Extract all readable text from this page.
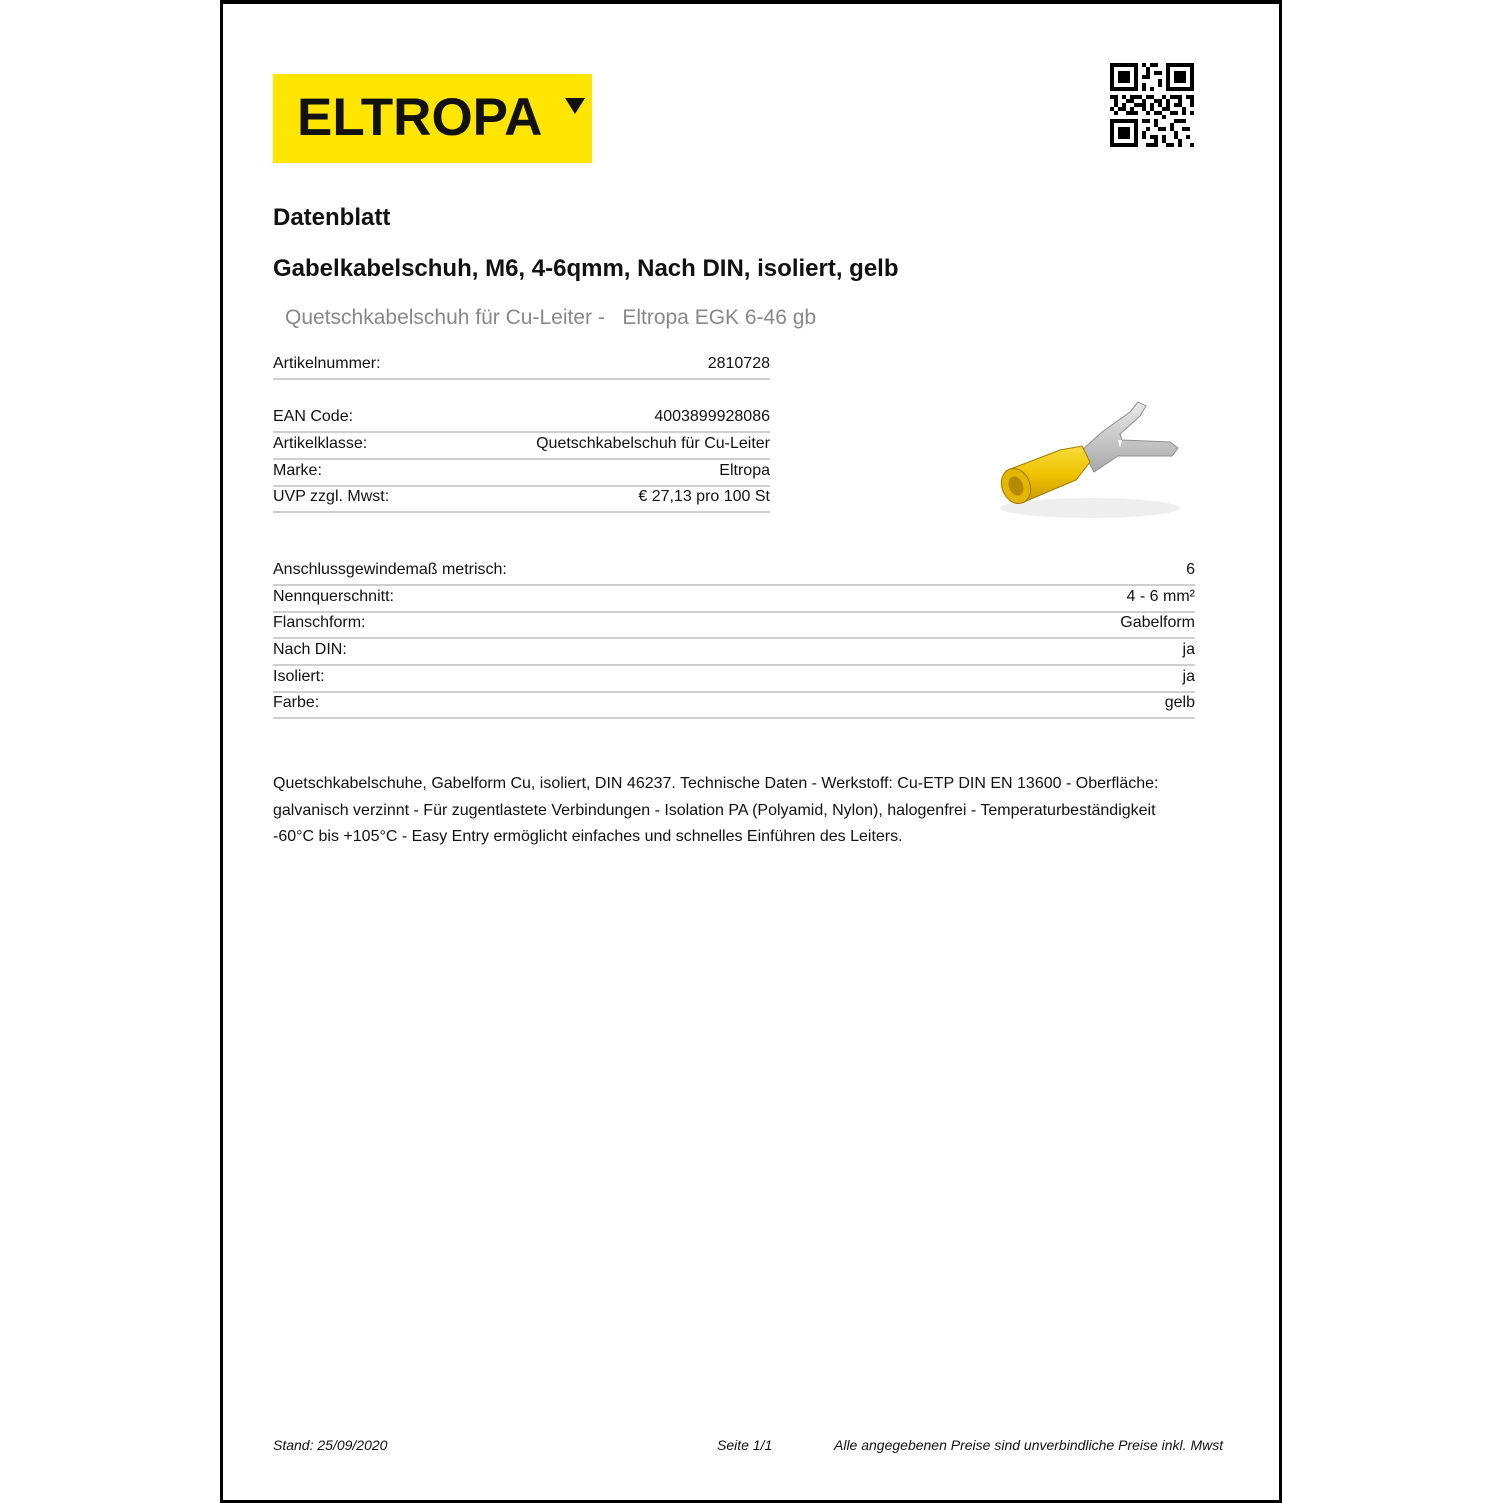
ELTROPA
Datenblatt
Gabelkabelschuh, M6, 4-6qmm, Nach DIN, isoliert, gelb
Quetschkabelschuh für Cu-Leiter -   Eltropa EGK 6-46 gb
Artikelnummer:	2810728
EAN Code:	4003899928086
Artikelklasse:	Quetschkabelschuh für Cu-Leiter
Marke:	Eltropa
UVP zzgl. Mwst:	€ 27,13 pro 100 St
Anschlussgewindemaß metrisch:	6
Nennquerschnitt:	4 - 6 mm²
Flanschform:	Gabelform
Nach DIN:	ja
Isoliert:	ja
Farbe:	gelb
Quetschkabelschuhe, Gabelform Cu, isoliert, DIN 46237. Technische Daten - Werkstoff: Cu-ETP DIN EN 13600 - Oberfläche: galvanisch verzinnt - Für zugentlastete Verbindungen - Isolation PA (Polyamid, Nylon), halogenfrei - Temperaturbeständigkeit -60°C bis +105°C - Easy Entry ermöglicht einfaches und schnelles Einführen des Leiters.
Stand: 25/09/2020	Seite 1/1	Alle angegebenen Preise sind unverbindliche Preise inkl. Mwst
